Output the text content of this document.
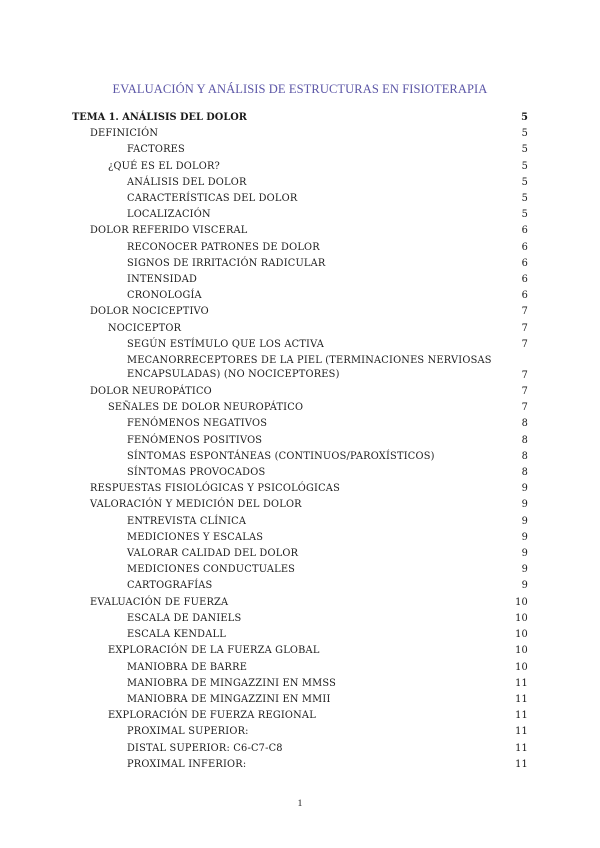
EVALUACIÓN Y ANÁLISIS DE ESTRUCTURAS EN FISIOTERAPIA
TEMA 1. ANÁLISIS DEL DOLOR	5
DEFINICIÓN	5
FACTORES	5
¿QUÉ ES EL DOLOR?	5
ANÁLISIS DEL DOLOR	5
CARACTERÍSTICAS DEL DOLOR	5
LOCALIZACIÓN	5
DOLOR REFERIDO VISCERAL	6
RECONOCER PATRONES DE DOLOR	6
SIGNOS DE IRRITACIÓN RADICULAR	6
INTENSIDAD	6
CRONOLOGÍA	6
DOLOR NOCICEPTIVO	7
NOCICEPTOR	7
SEGÚN ESTÍMULO QUE LOS ACTIVA	7
MECANORRECEPTORES DE LA PIEL (TERMINACIONES NERVIOSAS ENCAPSULADAS) (NO NOCICEPTORES)	7
DOLOR NEUROPÁTICO	7
SEÑALES DE DOLOR NEUROPÁTICO	7
FENÓMENOS NEGATIVOS	8
FENÓMENOS POSITIVOS	8
SÍNTOMAS ESPONTÁNEAS (CONTINUOS/PAROXÍSTICOS)	8
SÍNTOMAS PROVOCADOS	8
RESPUESTAS FISIOLÓGICAS Y PSICOLÓGICAS	9
VALORACIÓN Y MEDICIÓN DEL DOLOR	9
ENTREVISTA CLÍNICA	9
MEDICIONES Y ESCALAS	9
VALORAR CALIDAD DEL DOLOR	9
MEDICIONES CONDUCTUALES	9
CARTOGRAFÍAS	9
EVALUACIÓN DE FUERZA	10
ESCALA DE DANIELS	10
ESCALA KENDALL	10
EXPLORACIÓN DE LA FUERZA GLOBAL	10
MANIOBRA DE BARRE	10
MANIOBRA DE MINGAZZINI EN MMSS	11
MANIOBRA DE MINGAZZINI EN MMII	11
EXPLORACIÓN DE FUERZA REGIONAL	11
PROXIMAL SUPERIOR:	11
DISTAL SUPERIOR: C6-C7-C8	11
PROXIMAL INFERIOR:	11
1
